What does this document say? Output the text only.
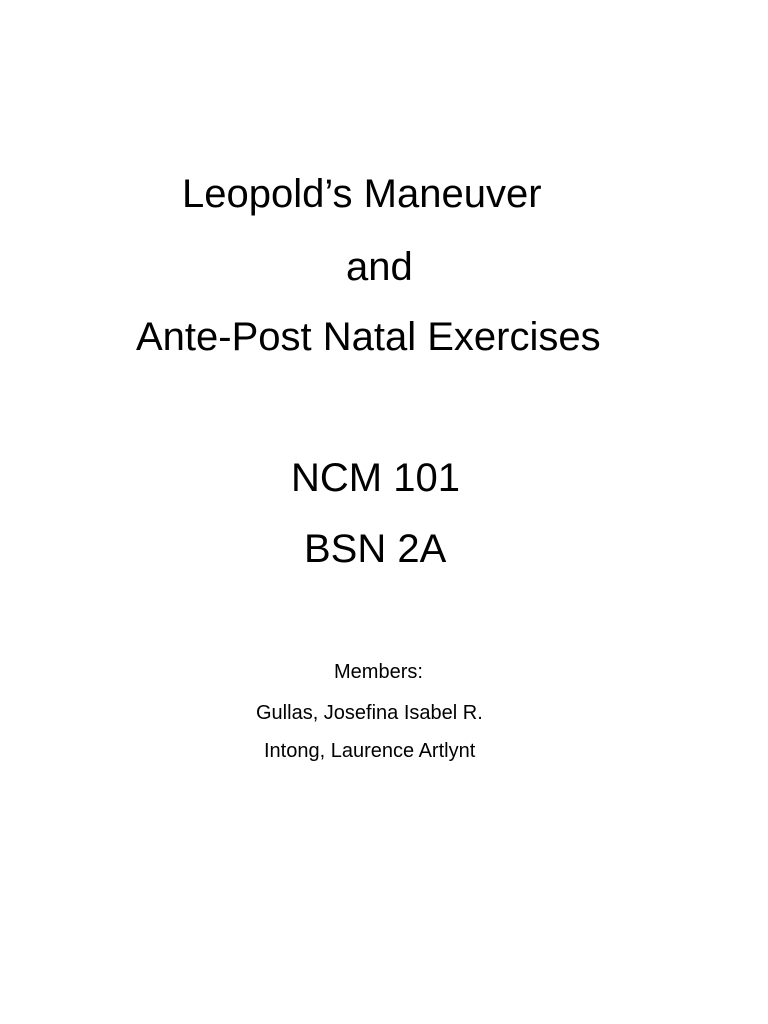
Leopold’s Maneuver
and
Ante-Post Natal Exercises
NCM 101
BSN 2A
Members:
Gullas, Josefina Isabel R.
Intong, Laurence Artlynt
